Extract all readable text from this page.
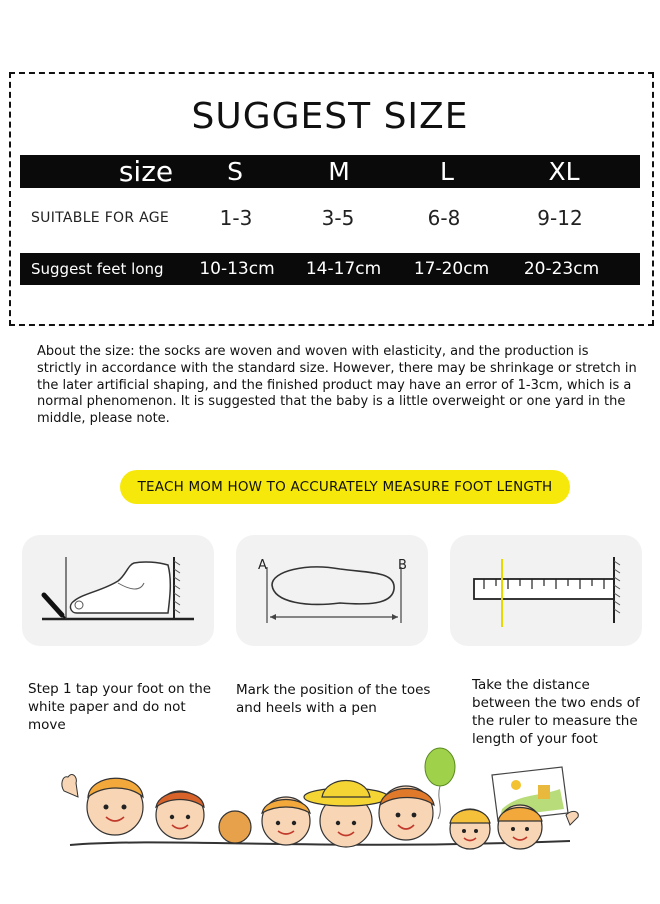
SUGGEST SIZE
size	S	M	L	XL
SUITABLE FOR AGE	1-3	3-5	6-8	9-12
Suggest feet long	10-13cm	14-17cm	17-20cm	20-23cm

About the size: the socks are woven and woven with elasticity, and the production is strictly in accordance with the standard size. However, there may be shrinkage or stretch in the later artificial shaping, and the finished product may have an error of 1-3cm, which is a normal phenomenon. It is suggested that the baby is a little overweight or one yard in the middle, please note.

TEACH MOM HOW TO ACCURATELY MEASURE FOOT LENGTH
A	B

Step 1 tap your foot on the white paper and do not move

Mark the position of the toes and heels with a pen

Take the distance between the two ends of the ruler to measure the length of your foot
